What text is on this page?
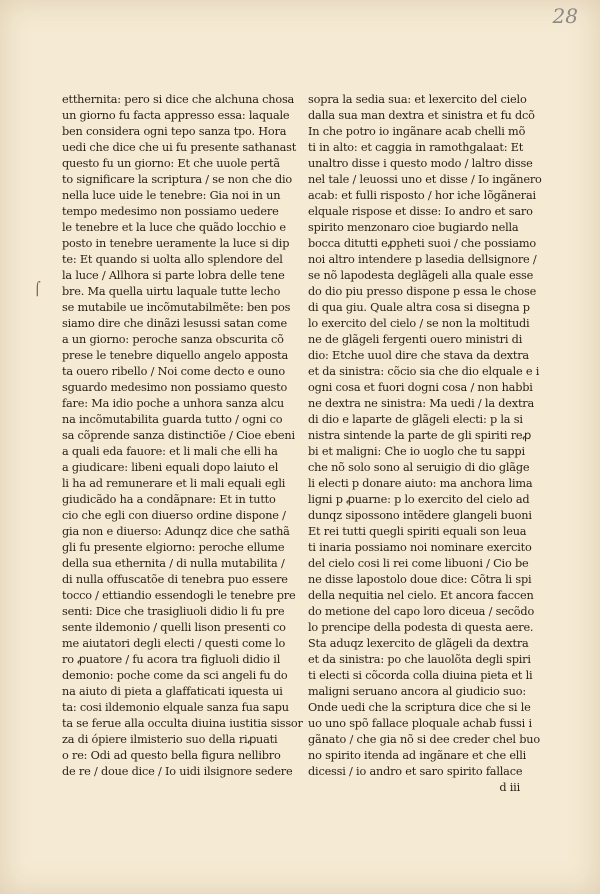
28
⌠
etthernita: pero si dice che alchuna chosa
un giorno fu facta appresso essa: laquale
ben considera ogni tepo sanza tpo. Hora
uedi che dice che ui fu presente sathanast
questo fu un giorno: Et che uuole pertã
to significare la scriptura / se non che dio
nella luce uide le tenebre: Gia noi in un
tempo medesimo non possiamo uedere
le tenebre et la luce che quãdo locchio e
posto in tenebre ueramente la luce si dip
te: Et quando si uolta allo splendore del
la luce / Allhora si parte lobra delle tene
bre. Ma quella uirtu laquale tutte lecho
se mutabile ue incõmutabilmẽte: ben pos
siamo dire che dinãzi lesussi satan come
a un giorno: peroche sanza obscurita cõ
prese le tenebre diquello angelo apposta
ta ouero ribello / Noi come decto e ouno
sguardo medesimo non possiamo questo
fare: Ma idio poche a unhora sanza alcu
na incõmutabilita guarda tutto / ogni co
sa cõprende sanza distinctiõe / Cioe ebeni
a quali eda fauore: et li mali che elli ha
a giudicare: libeni equali dopo laiuto el
li ha ad remunerare et li mali equali egli
giudicãdo ha a condãpnare: Et in tutto
cio che egli con diuerso ordine dispone /
gia non e diuerso: Adunqz dice che sathã
gli fu presente elgiorno: peroche ellume
della sua ethernita / di nulla mutabilita /
di nulla offuscatõe di tenebra puo essere
tocco / ettiandio essendogli le tenebre pre
senti: Dice che trasigliuoli didio li fu pre
sente ildemonio / quelli lison presenti co
me aiutatori degli electi / questi come lo
ro ꝓuatore / fu acora tra figluoli didio il
demonio: poche come da sci angeli fu do
na aiuto di pieta a glaffaticati iquesta ui
ta: cosi ildemonio elquale sanza fua sapu
ta se ferue alla occulta diuina iustitia sissor
za di ópiere ilmisterio suo della riꝓuati
o re: Odi ad questo bella figura nellibro
de re / doue dice / Io uidi ilsignore sedere
sopra la sedia sua: et lexercito del cielo
dalla sua man dextra et sinistra et fu dcõ
In che potro io ingãnare acab chelli mõ
ti in alto: et caggia in ramothgalaat: Et
unaltro disse i questo modo / laltro disse
nel tale / leuossi uno et disse / Io ingãnero
acab: et fulli risposto / hor iche lõgãnerai
elquale rispose et disse: Io andro et saro
spirito menzonaro cioe bugiardo nella
bocca ditutti eꝓpheti suoi / che possiamo
noi altro intendere p lasedia dellsignore /
se nõ lapodesta deglãgeli alla quale esse
do dio piu presso dispone p essa le chose
di qua giu. Quale altra cosa si disegna p
lo exercito del cielo / se non la moltitudi
ne de glãgeli fergenti ouero ministri di
dio: Etche uuol dire che stava da dextra
et da sinistra: cõcio sia che dio elquale e i
ogni cosa et fuori dogni cosa / non habbi
ne dextra ne sinistra: Ma uedi / la dextra
di dio e laparte de glãgeli electi: p la si
nistra sintende la parte de gli spiriti reꝓ
bi et maligni: Che io uoglo che tu sappi
che nõ solo sono al seruigio di dio glãge
li electi p donare aiuto: ma anchora lima
ligni p ꝓuarne: p lo exercito del cielo ad
dunqz sipossono intẽdere glangeli buoni
Et rei tutti quegli spiriti equali son leua
ti inaria possiamo noi nominare exercito
del cielo cosi li rei come libuoni / Cio be
ne disse lapostolo doue dice: Cõtra li spi
della nequitia nel cielo. Et ancora faccen
do metione del capo loro diceua / secõdo
lo prencipe della podesta di questa aere.
Sta aduqz lexercito de glãgeli da dextra
et da sinistra: po che lauolõta degli spiri
ti electi si cõcorda colla diuina pieta et li
maligni seruano ancora al giudicio suo:
Onde uedi che la scriptura dice che si le
uo uno spõ fallace ploquale achab fussi i
gãnato / che gia nõ si dee creder chel buo
no spirito itenda ad ingãnare et che elli
dicessi / io andro et saro spirito fallace
d iii
